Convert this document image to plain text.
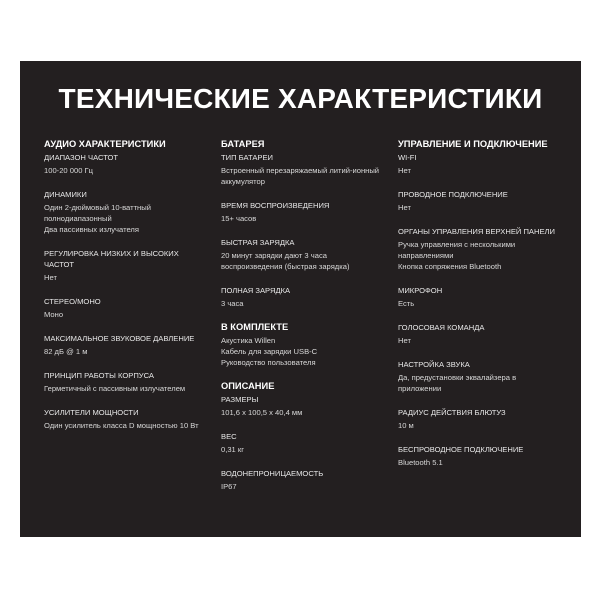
ТЕХНИЧЕСКИЕ ХАРАКТЕРИСТИКИ
АУДИО ХАРАКТЕРИСТИКИ
ДИАПАЗОН ЧАСТОТ
100-20 000 Гц
ДИНАМИКИ
Один 2-дюймовый 10-ваттный
полнодиапазонный
Два пассивных излучателя
РЕГУЛИРОВКА НИЗКИХ И ВЫСОКИХ ЧАСТОТ
Нет
СТЕРЕО/МОНО
Моно
МАКСИМАЛЬНОЕ ЗВУКОВОЕ ДАВЛЕНИЕ
82 дБ @ 1 м
ПРИНЦИП РАБОТЫ КОРПУСА
Герметичный с пассивным излучателем
УСИЛИТЕЛИ МОЩНОСТИ
Один усилитель класса D мощностью 10 Вт
БАТАРЕЯ
ТИП БАТАРЕИ
Встроенный перезаряжаемый литий-ионный
аккумулятор
ВРЕМЯ ВОСПРОИЗВЕДЕНИЯ
15+ часов
БЫСТРАЯ ЗАРЯДКА
20 минут зарядки дают 3 часа
воспроизведения (быстрая зарядка)
ПОЛНАЯ ЗАРЯДКА
3 часа
В КОМПЛЕКТЕ
Акустика Willen
Кабель для зарядки USB-C
Руководство пользователя
ОПИСАНИЕ
РАЗМЕРЫ
101,6 x 100,5 x 40,4 мм
ВЕС
0,31 кг
ВОДОНЕПРОНИЦАЕМОСТЬ
IP67
УПРАВЛЕНИЕ И ПОДКЛЮЧЕНИЕ
WI-FI
Нет
ПРОВОДНОЕ ПОДКЛЮЧЕНИЕ
Нет
ОРГАНЫ УПРАВЛЕНИЯ ВЕРХНЕЙ ПАНЕЛИ
Ручка управления с несколькими
направлениями
Кнопка сопряжения Bluetooth
МИКРОФОН
Есть
ГОЛОСОВАЯ КОМАНДА
Нет
НАСТРОЙКА ЗВУКА
Да, предустановки эквалайзера в
приложении
РАДИУС ДЕЙСТВИЯ БЛЮТУЗ
10 м
БЕСПРОВОДНОЕ ПОДКЛЮЧЕНИЕ
Bluetooth 5.1
